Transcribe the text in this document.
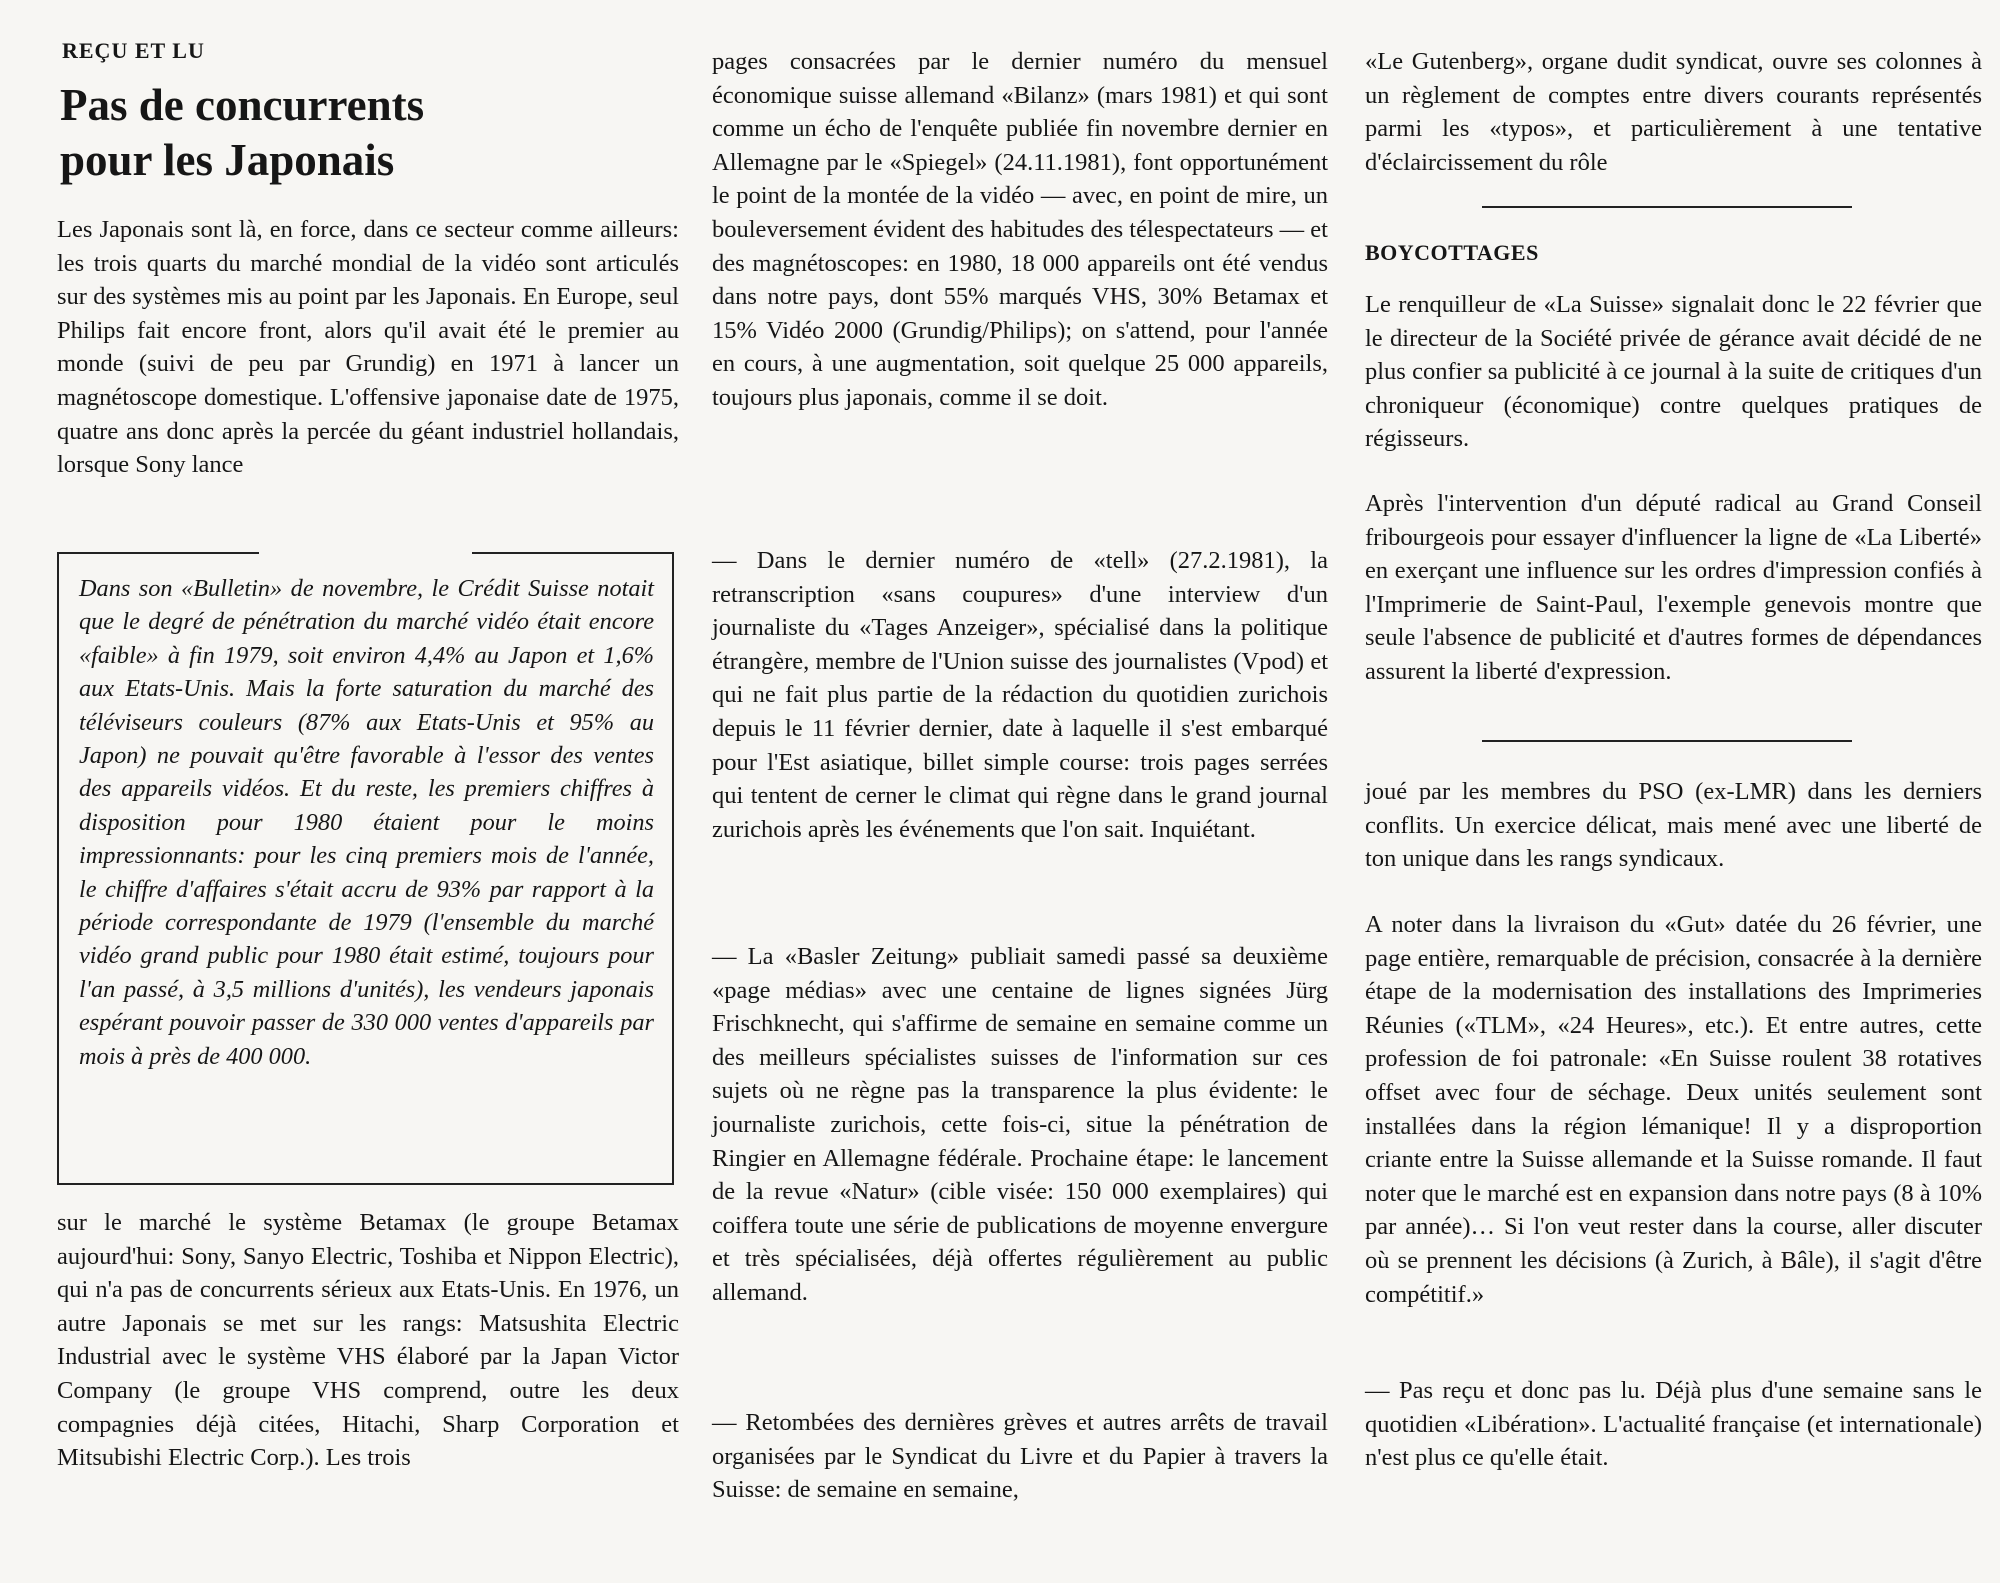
REÇU ET LU
Pas de concurrents
pour les Japonais

Les Japonais sont là, en force, dans ce secteur comme ailleurs: les trois quarts du marché mondial de la vidéo sont articulés sur des systèmes mis au point par les Japonais. En Europe, seul Philips fait encore front, alors qu'il avait été le premier au monde (suivi de peu par Grundig) en 1971 à lancer un magnétoscope domestique. L'offensive japonaise date de 1975, quatre ans donc après la percée du géant industriel hollandais, lorsque Sony lance

Dans son «Bulletin» de novembre, le Crédit Suisse notait que le degré de pénétration du marché vidéo était encore «faible» à fin 1979, soit environ 4,4% au Japon et 1,6% aux Etats-Unis. Mais la forte saturation du marché des téléviseurs couleurs (87% aux Etats-Unis et 95% au Japon) ne pouvait qu'être favorable à l'essor des ventes des appareils vidéos. Et du reste, les premiers chiffres à disposition pour 1980 étaient pour le moins impressionnants: pour les cinq premiers mois de l'année, le chiffre d'affaires s'était accru de 93% par rapport à la période correspondante de 1979 (l'ensemble du marché vidéo grand public pour 1980 était estimé, toujours pour l'an passé, à 3,5 millions d'unités), les vendeurs japonais espérant pouvoir passer de 330 000 ventes d'appareils par mois à près de 400 000.

sur le marché le système Betamax (le groupe Betamax aujourd'hui: Sony, Sanyo Electric, Toshiba et Nippon Electric), qui n'a pas de concurrents sérieux aux Etats-Unis. En 1976, un autre Japonais se met sur les rangs: Matsushita Electric Industrial avec le système VHS élaboré par la Japan Victor Company (le groupe VHS comprend, outre les deux compagnies déjà citées, Hitachi, Sharp Corporation et Mitsubishi Electric Corp.). Les trois

pages consacrées par le dernier numéro du mensuel économique suisse allemand «Bilanz» (mars 1981) et qui sont comme un écho de l'enquête publiée fin novembre dernier en Allemagne par le «Spiegel» (24.11.1981), font opportunément le point de la montée de la vidéo — avec, en point de mire, un bouleversement évident des habitudes des télespectateurs — et des magnétoscopes: en 1980, 18 000 appareils ont été vendus dans notre pays, dont 55% marqués VHS, 30% Betamax et 15% Vidéo 2000 (Grundig/Philips); on s'attend, pour l'année en cours, à une augmentation, soit quelque 25 000 appareils, toujours plus japonais, comme il se doit.

— Dans le dernier numéro de «tell» (27.2.1981), la retranscription «sans coupures» d'une interview d'un journaliste du «Tages Anzeiger», spécialisé dans la politique étrangère, membre de l'Union suisse des journalistes (Vpod) et qui ne fait plus partie de la rédaction du quotidien zurichois depuis le 11 février dernier, date à laquelle il s'est embarqué pour l'Est asiatique, billet simple course: trois pages serrées qui tentent de cerner le climat qui règne dans le grand journal zurichois après les événements que l'on sait. Inquiétant.

— La «Basler Zeitung» publiait samedi passé sa deuxième «page médias» avec une centaine de lignes signées Jürg Frischknecht, qui s'affirme de semaine en semaine comme un des meilleurs spécialistes suisses de l'information sur ces sujets où ne règne pas la transparence la plus évidente: le journaliste zurichois, cette fois-ci, situe la pénétration de Ringier en Allemagne fédérale. Prochaine étape: le lancement de la revue «Natur» (cible visée: 150 000 exemplaires) qui coiffera toute une série de publications de moyenne envergure et très spécialisées, déjà offertes régulièrement au public allemand.

— Retombées des dernières grèves et autres arrêts de travail organisées par le Syndicat du Livre et du Papier à travers la Suisse: de semaine en semaine,

«Le Gutenberg», organe dudit syndicat, ouvre ses colonnes à un règlement de comptes entre divers courants représentés parmi les «typos», et particulièrement à une tentative d'éclaircissement du rôle

BOYCOTTAGES

Le renquilleur de «La Suisse» signalait donc le 22 février que le directeur de la Société privée de gérance avait décidé de ne plus confier sa publicité à ce journal à la suite de critiques d'un chroniqueur (économique) contre quelques pratiques de régisseurs.

Après l'intervention d'un député radical au Grand Conseil fribourgeois pour essayer d'influencer la ligne de «La Liberté» en exerçant une influence sur les ordres d'impression confiés à l'Imprimerie de Saint-Paul, l'exemple genevois montre que seule l'absence de publicité et d'autres formes de dépendances assurent la liberté d'expression.

joué par les membres du PSO (ex-LMR) dans les derniers conflits. Un exercice délicat, mais mené avec une liberté de ton unique dans les rangs syndicaux.

A noter dans la livraison du «Gut» datée du 26 février, une page entière, remarquable de précision, consacrée à la dernière étape de la modernisation des installations des Imprimeries Réunies («TLM», «24 Heures», etc.). Et entre autres, cette profession de foi patronale: «En Suisse roulent 38 rotatives offset avec four de séchage. Deux unités seulement sont installées dans la région lémanique! Il y a disproportion criante entre la Suisse allemande et la Suisse romande. Il faut noter que le marché est en expansion dans notre pays (8 à 10% par année)… Si l'on veut rester dans la course, aller discuter où se prennent les décisions (à Zurich, à Bâle), il s'agit d'être compétitif.»

— Pas reçu et donc pas lu. Déjà plus d'une semaine sans le quotidien «Libération». L'actualité française (et internationale) n'est plus ce qu'elle était.
